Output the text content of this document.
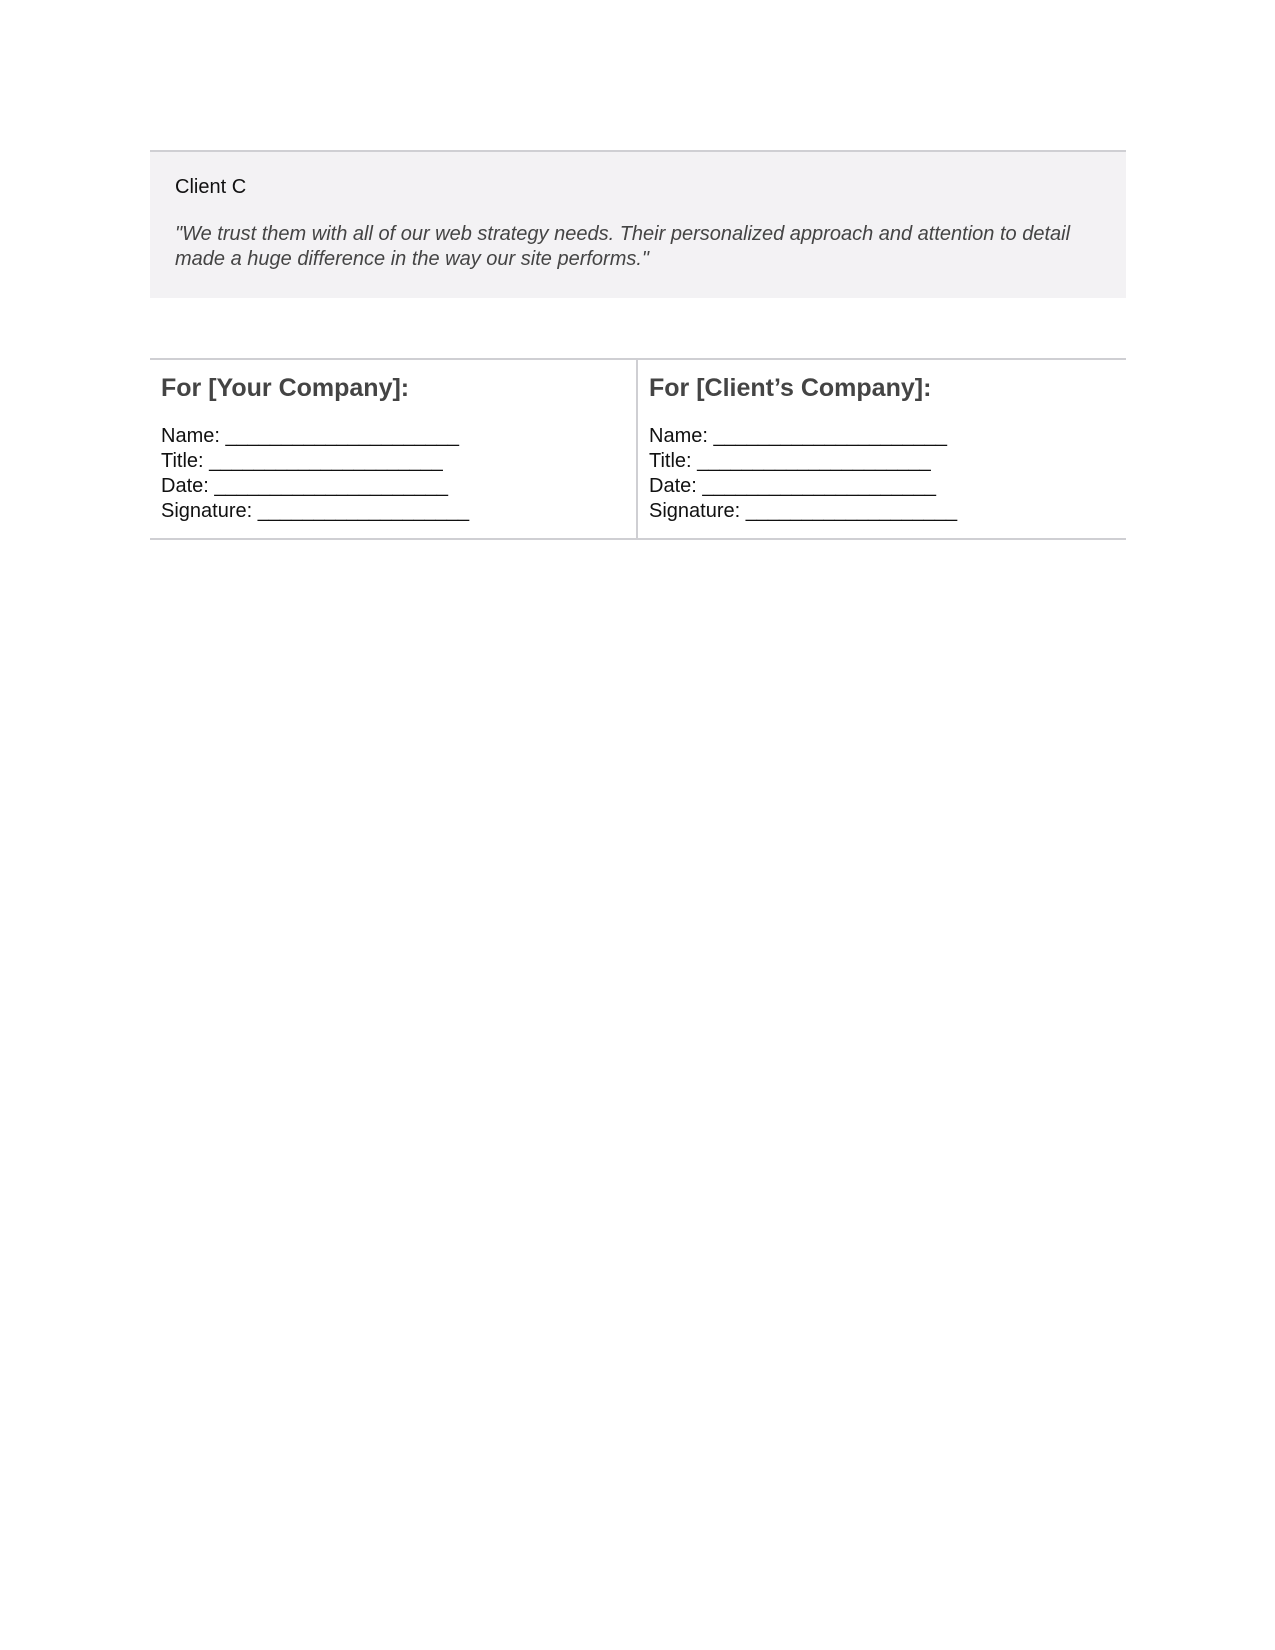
Client C

"We trust them with all of our web strategy needs. Their personalized approach and attention to detail made a huge difference in the way our site performs."

For [Your Company]:
Name: _____________________
Title: _____________________
Date: _____________________
Signature: ___________________
For [Client’s Company]:
Name: _____________________
Title: _____________________
Date: _____________________
Signature: ___________________
